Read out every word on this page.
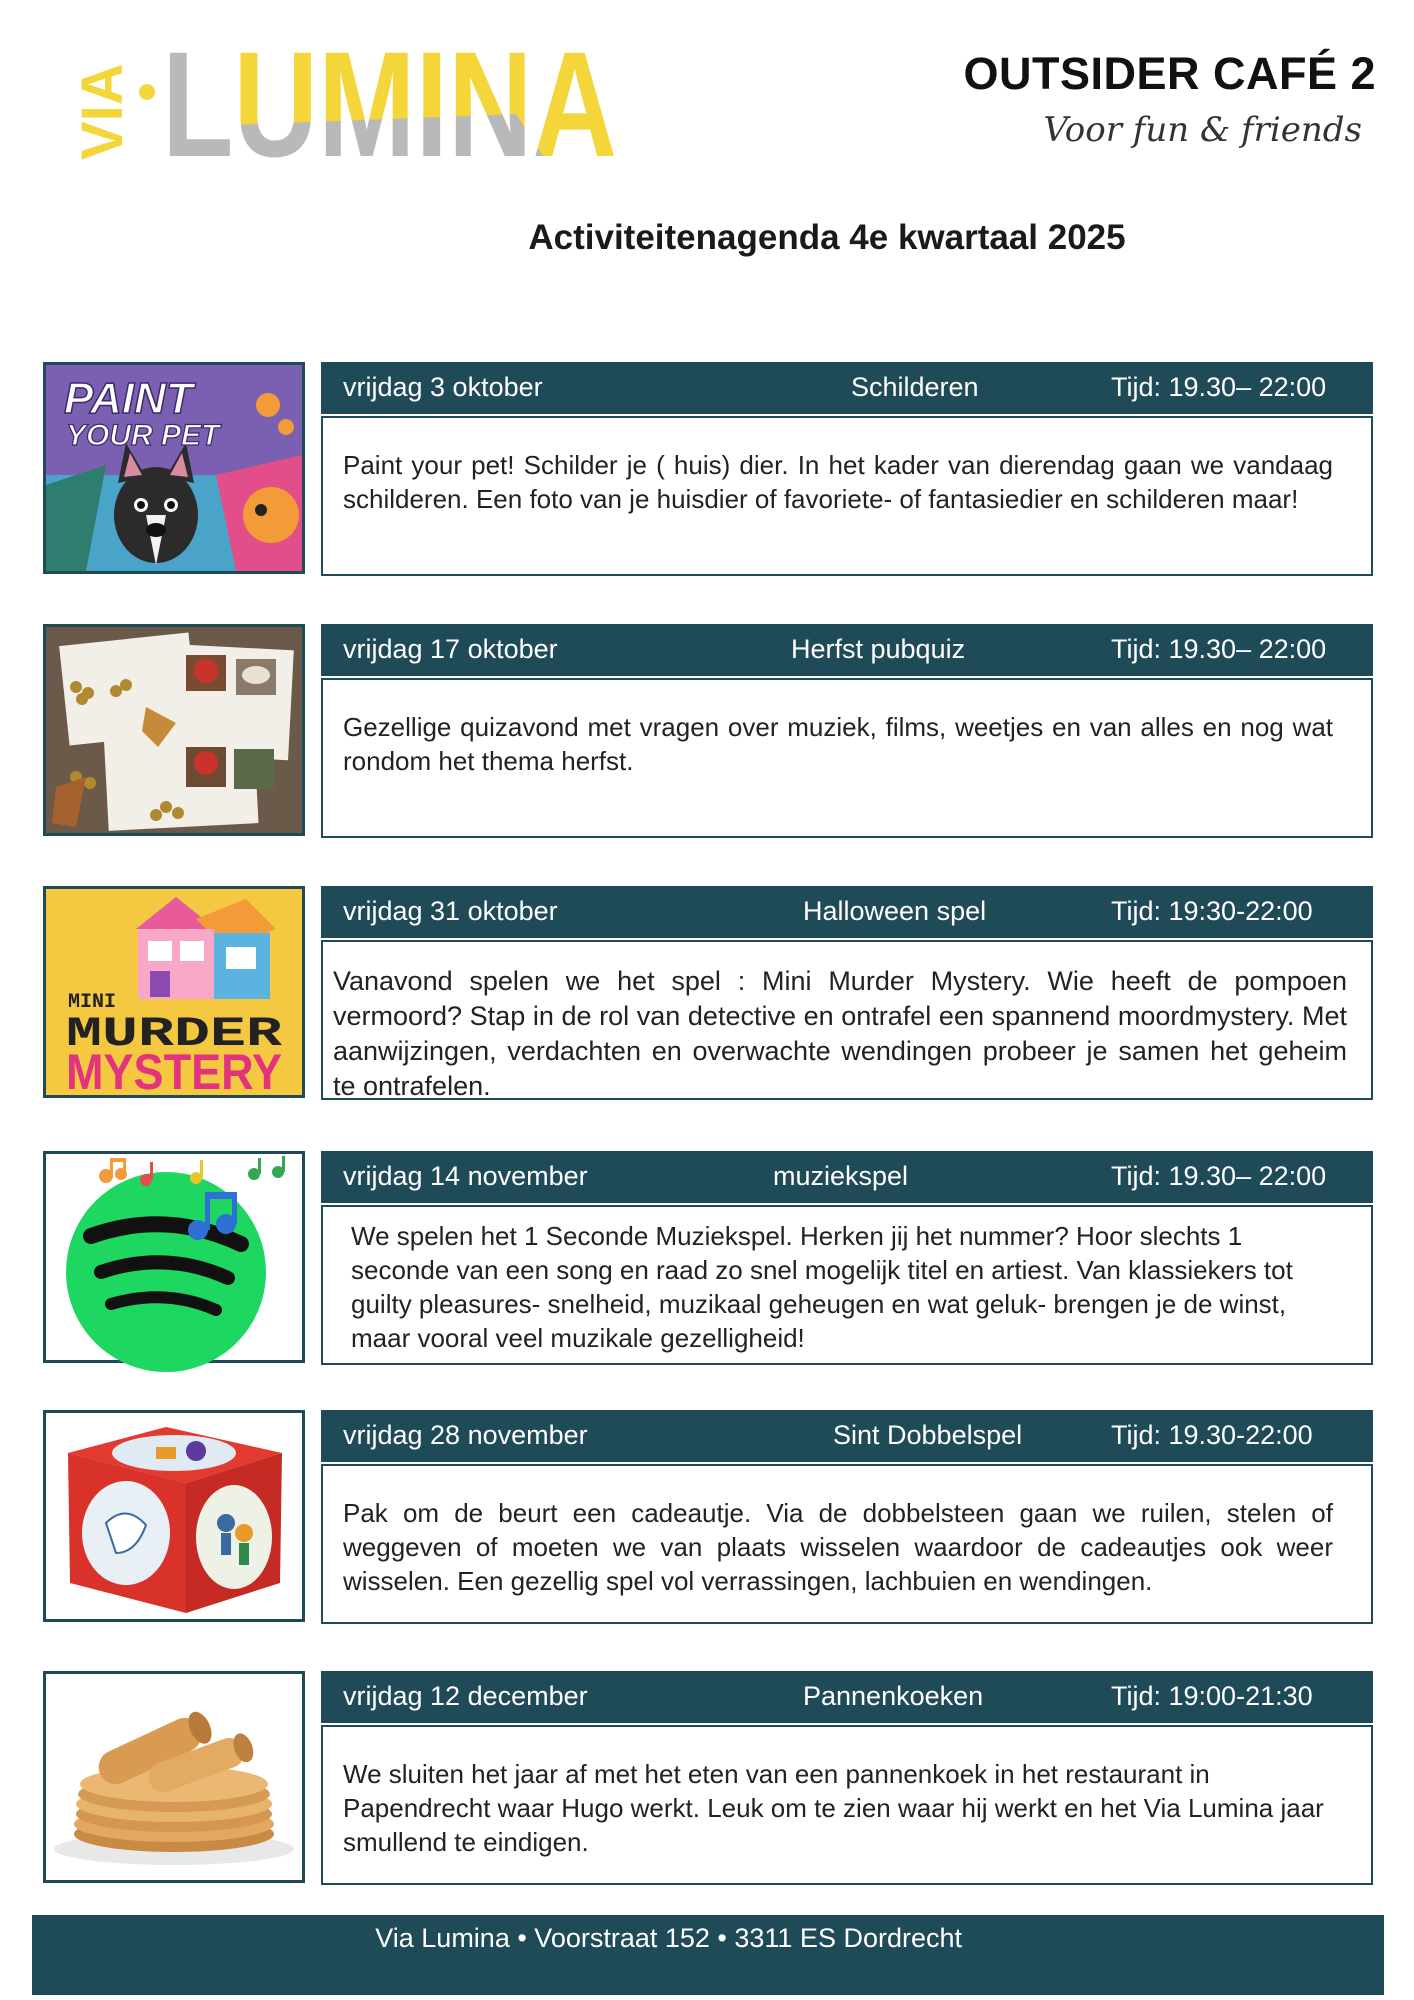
VIA	OUTSIDER CAFÉ 2
Voor fun & friends
Activiteitenagenda 4e kwartaal 2025
PAINT
YOUR PET
vrijdag 3 oktober	Schilderen	Tijd: 19.30– 22:00

Paint your pet! Schilder je ( huis) dier. In het kader van dierendag gaan we vandaag schilderen. Een foto van je huisdier of favoriete- of fantasiedier en schilderen maar!

vrijdag 17 oktober	Herfst pubquiz	Tijd: 19.30– 22:00

Gezellige quizavond met vragen over muziek, films, weetjes en van alles en nog wat rondom het thema herfst.

MINI
MURDER
MYSTERY
vrijdag 31 oktober	Halloween spel	Tijd: 19:30-22:00

Vanavond spelen we het spel : Mini Murder Mystery. Wie heeft de pompoen vermoord? Stap in de rol van detective en ontrafel een spannend moordmystery. Met aanwijzingen, verdachten en overwachte wendingen probeer je samen het geheim te ontrafelen.

vrijdag 14 november	muziekspel	Tijd: 19.30– 22:00

We spelen het 1 Seconde Muziekspel. Herken jij het nummer? Hoor slechts 1 seconde van een song en raad zo snel mogelijk titel en artiest. Van klassiekers tot guilty pleasures- snelheid, muzikaal geheugen en wat geluk- brengen je de winst, maar vooral veel muzikale gezelligheid!

vrijdag 28 november	Sint Dobbelspel	Tijd: 19.30-22:00

Pak om de beurt een cadeautje. Via de dobbelsteen gaan we ruilen, stelen of weggeven of moeten we van plaats wisselen waardoor de cadeautjes ook weer wisselen. Een gezellig spel vol verrassingen, lachbuien en wendingen.

vrijdag 12 december	Pannenkoeken	Tijd: 19:00-21:30

We sluiten het jaar af met het eten van een pannenkoek in het restaurant in Papendrecht waar Hugo werkt. Leuk om te zien waar hij werkt en het Via Lumina jaar smullend te eindigen.

Via Lumina • Voorstraat 152 • 3311 ES Dordrecht
